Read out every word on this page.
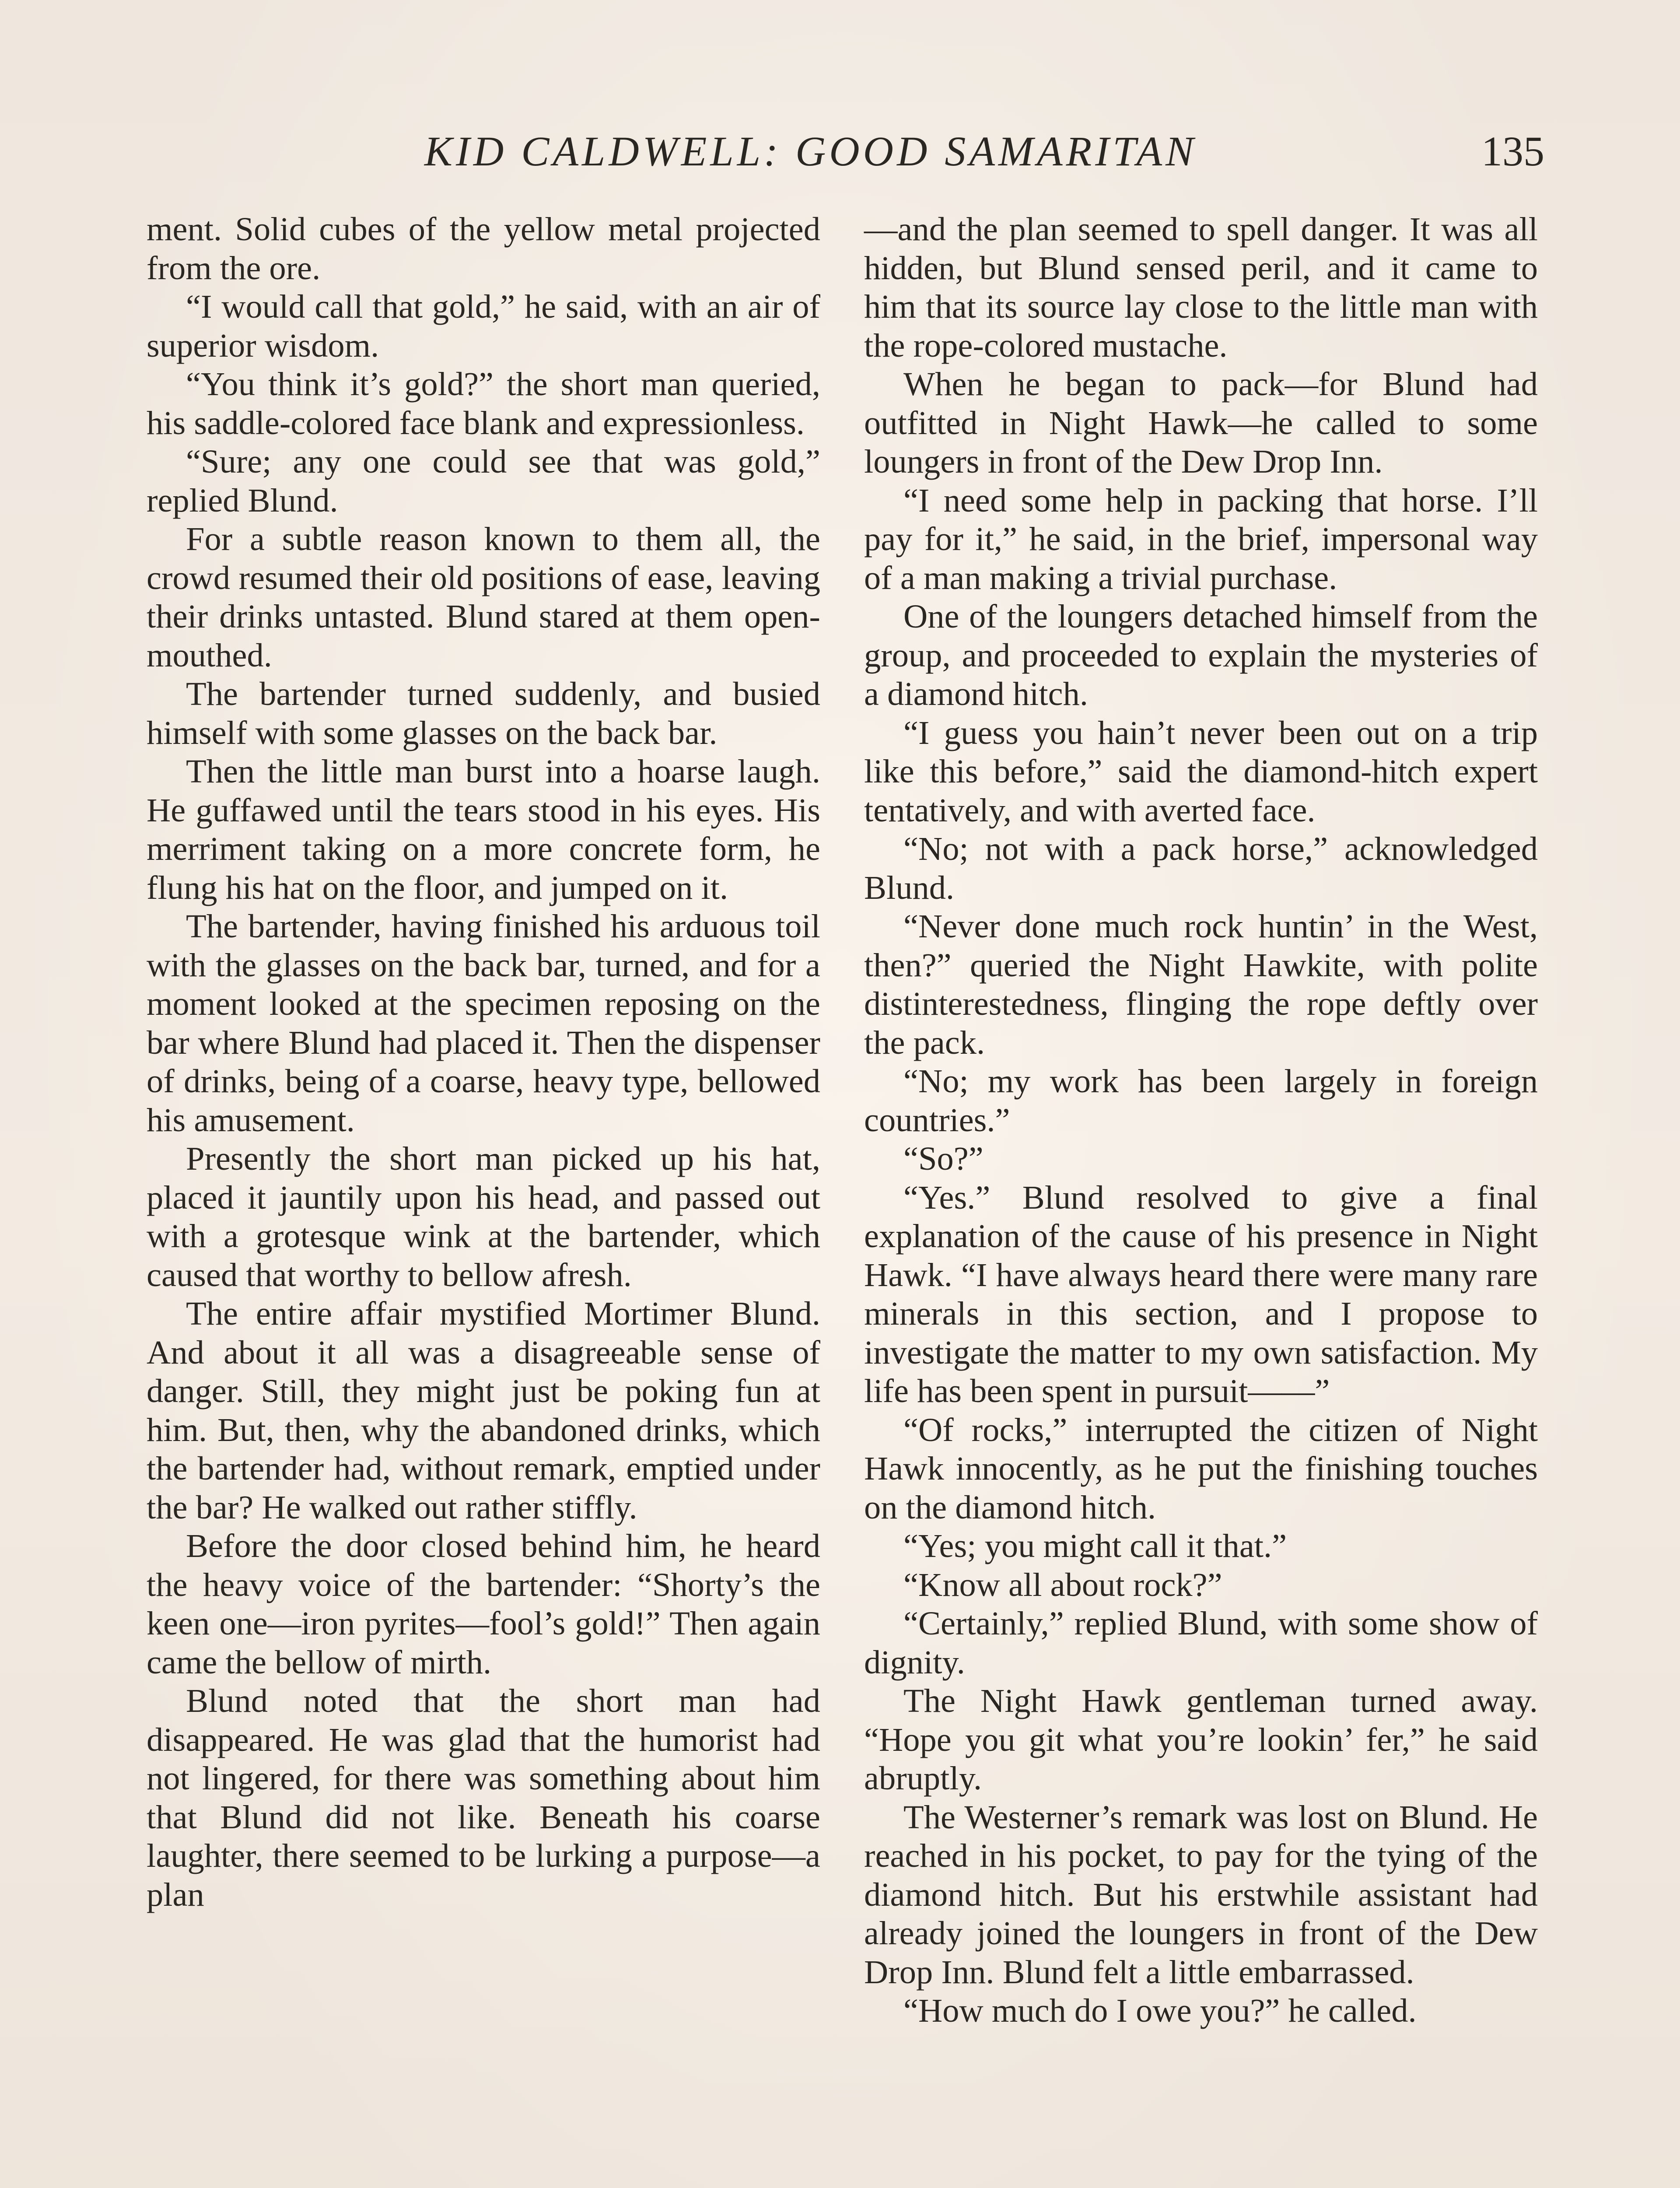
KID CALDWELL: GOOD SAMARITAN	135

ment. Solid cubes of the yellow metal projected from the ore.

“I would call that gold,” he said, with an air of superior wisdom.

“You think it’s gold?” the short man queried, his saddle-colored face blank and expressionless.

“Sure; any one could see that was gold,” replied Blund.

For a subtle reason known to them all, the crowd resumed their old positions of ease, leaving their drinks untasted. Blund stared at them open-mouthed.

The bartender turned suddenly, and busied himself with some glasses on the back bar.

Then the little man burst into a hoarse laugh. He guffawed until the tears stood in his eyes. His merriment taking on a more concrete form, he flung his hat on the floor, and jumped on it.

The bartender, having finished his arduous toil with the glasses on the back bar, turned, and for a moment looked at the specimen reposing on the bar where Blund had placed it. Then the dispenser of drinks, being of a coarse, heavy type, bellowed his amusement.

Presently the short man picked up his hat, placed it jauntily upon his head, and passed out with a grotesque wink at the bartender, which caused that worthy to bellow afresh.

The entire affair mystified Mortimer Blund. And about it all was a disagreeable sense of danger. Still, they might just be poking fun at him. But, then, why the abandoned drinks, which the bartender had, without remark, emptied under the bar? He walked out rather stiffly.

Before the door closed behind him, he heard the heavy voice of the bartender: “Shorty’s the keen one—iron pyrites—fool’s gold!” Then again came the bellow of mirth.

Blund noted that the short man had disappeared. He was glad that the humorist had not lingered, for there was something about him that Blund did not like. Beneath his coarse laughter, there seemed to be lurking a purpose—a plan

—and the plan seemed to spell danger. It was all hidden, but Blund sensed peril, and it came to him that its source lay close to the little man with the rope-colored mustache.

When he began to pack—for Blund had outfitted in Night Hawk—he called to some loungers in front of the Dew Drop Inn.

“I need some help in packing that horse. I’ll pay for it,” he said, in the brief, impersonal way of a man making a trivial purchase.

One of the loungers detached himself from the group, and proceeded to explain the mysteries of a diamond hitch.

“I guess you hain’t never been out on a trip like this before,” said the diamond-hitch expert tentatively, and with averted face.

“No; not with a pack horse,” acknowledged Blund.

“Never done much rock huntin’ in the West, then?” queried the Night Hawkite, with polite distinterestedness, flinging the rope deftly over the pack.

“No; my work has been largely in foreign countries.”

“So?”

“Yes.” Blund resolved to give a final explanation of the cause of his presence in Night Hawk. “I have always heard there were many rare minerals in this section, and I propose to investigate the matter to my own satisfaction. My life has been spent in pursuit——”

“Of rocks,” interrupted the citizen of Night Hawk innocently, as he put the finishing touches on the diamond hitch.

“Yes; you might call it that.”

“Know all about rock?”

“Certainly,” replied Blund, with some show of dignity.

The Night Hawk gentleman turned away. “Hope you git what you’re lookin’ fer,” he said abruptly.

The Westerner’s remark was lost on Blund. He reached in his pocket, to pay for the tying of the diamond hitch. But his erstwhile assistant had already joined the loungers in front of the Dew Drop Inn. Blund felt a little embarrassed.

“How much do I owe you?” he called.
